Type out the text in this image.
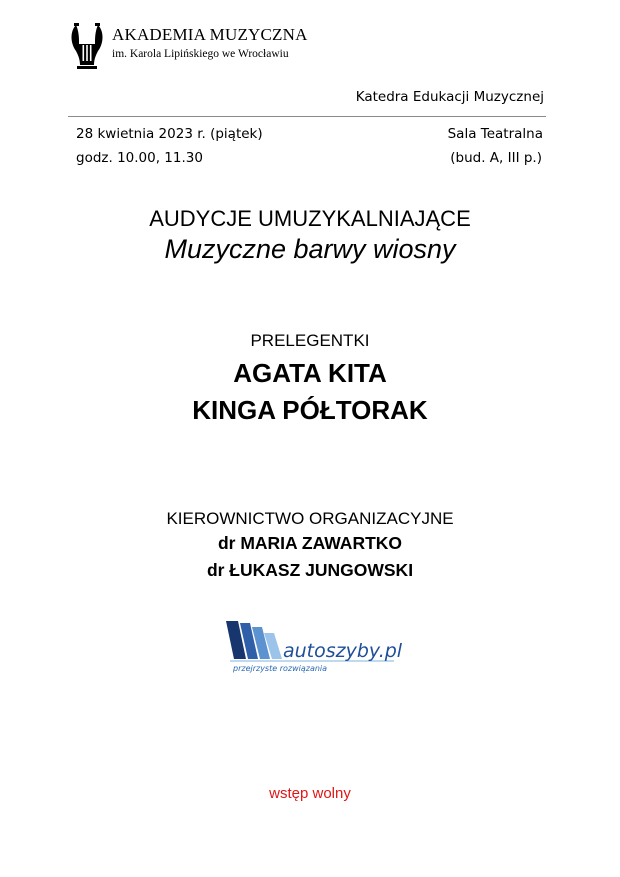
AKADEMIA MUZYCZNA
im. Karola Lipińskiego we Wrocławiu
Katedra Edukacji Muzycznej
28 kwietnia 2023 r. (piątek)
godz. 10.00, 11.30
Sala Teatralna
(bud. A, III p.)
AUDYCJE UMUZYKALNIAJĄCE
Muzyczne barwy wiosny
PRELEGENTKI
AGATA KITA
KINGA PÓŁTORAK
KIEROWNICTWO ORGANIZACYJNE
dr MARIA ZAWARTKO
dr ŁUKASZ JUNGOWSKI
autoszyby.pl
przejrzyste rozwiązania
wstęp wolny
